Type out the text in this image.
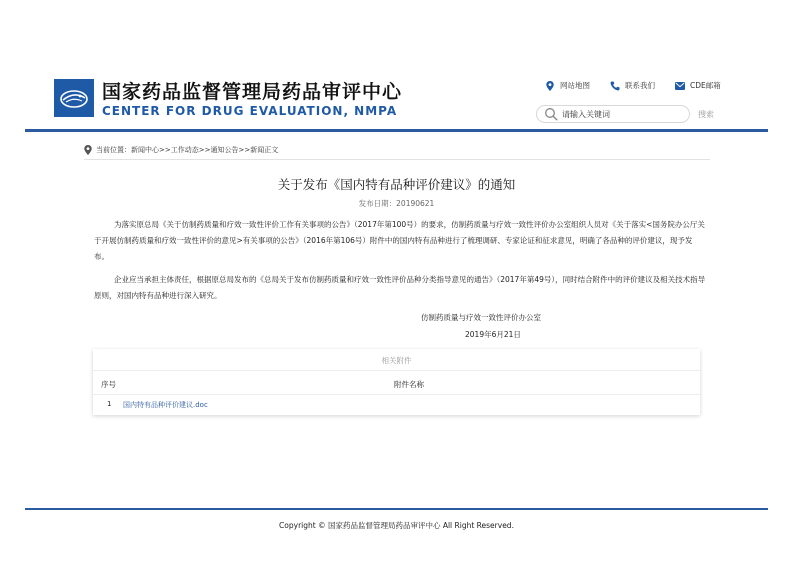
国家药品监督管理局药品审评中心
CENTER FOR DRUG EVALUATION, NMPA
网站地图	联系我们	CDE邮箱
请输入关键词
搜索
当前位置：新闻中心>>工作动态>>通知公告>>新闻正文
关于发布《国内特有品种评价建议》的通知
发布日期：20190621
为落实原总局《关于仿制药质量和疗效一致性评价工作有关事项的公告》（2017年第100号）的要求，仿制药质量与疗效一致性评价办公室组织人员对《关于落实<国务院办公厅关于开展仿制药质量和疗效一致性评价的意见>有关事项的公告》（2016年第106号）附件中的国内特有品种进行了梳理调研、专家论证和征求意见，明确了各品种的评价建议，现予发布。
企业应当承担主体责任，根据原总局发布的《总局关于发布仿制药质量和疗效一致性评价品种分类指导意见的通告》（2017年第49号），同时结合附件中的评价建议及相关技术指导原则，对国内特有品种进行深入研究。
仿制药质量与疗效一致性评价办公室
2019年6月21日
相关附件
序号	附件名称
1 国内特有品种评价建议.doc
Copyright © 国家药品监督管理局药品审评中心 All Right Reserved.
